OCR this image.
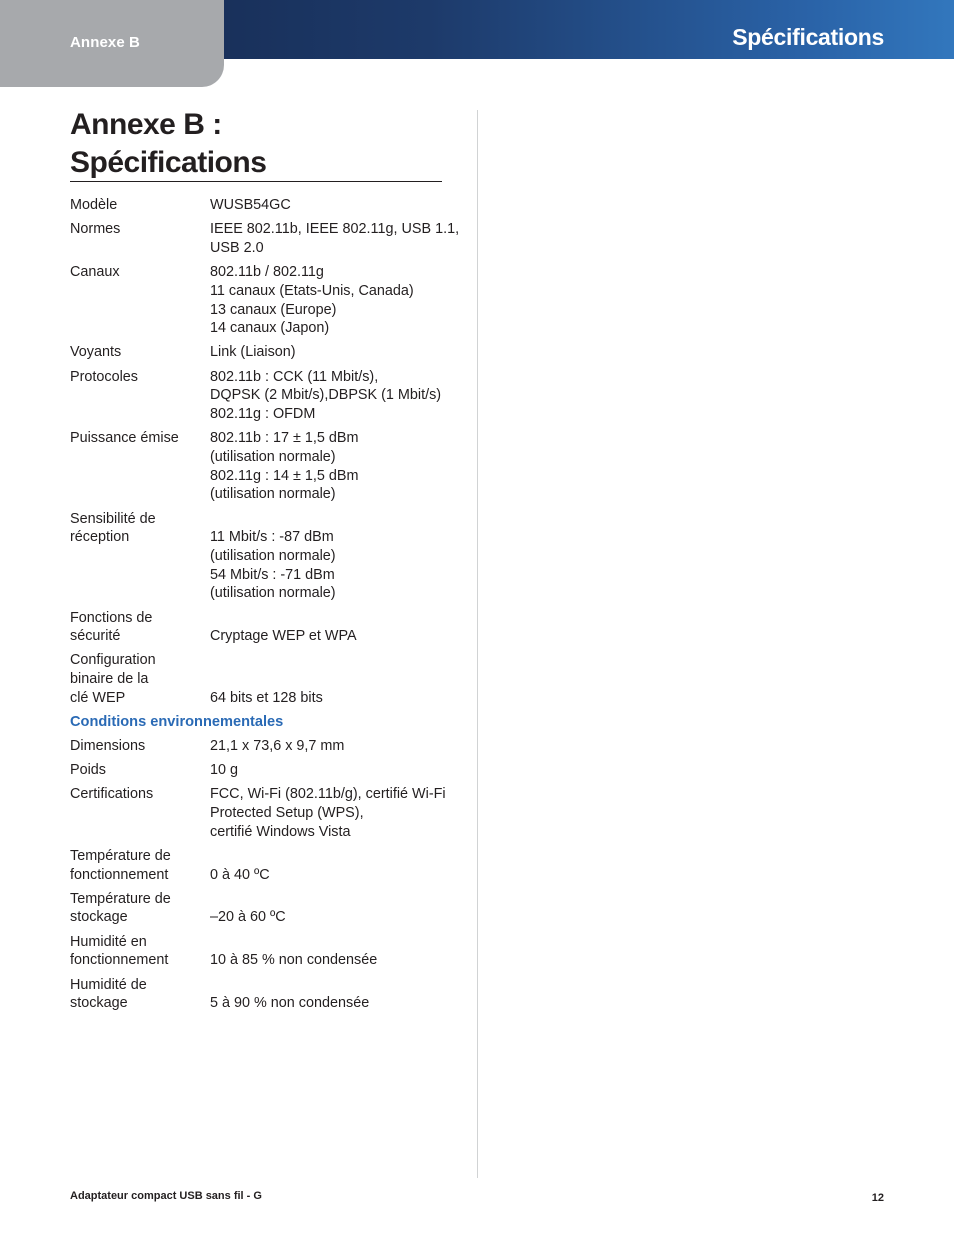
Annexe B	Spécifications
Annexe B :
Spécifications
Modèle	WUSB54GC
Normes	IEEE 802.11b, IEEE 802.11g, USB 1.1,
USB 2.0
Canaux	802.11b / 802.11g
11 canaux (Etats-Unis, Canada)
13 canaux (Europe)
14 canaux (Japon)
Voyants	Link (Liaison)
Protocoles	802.11b : CCK (11 Mbit/s),
DQPSK (2 Mbit/s),DBPSK (1 Mbit/s)
802.11g : OFDM
Puissance émise	802.11b : 17 ± 1,5 dBm
(utilisation normale)
802.11g : 14 ± 1,5 dBm
(utilisation normale)
Sensibilité de
réception
	11 Mbit/s : -87 dBm
(utilisation normale)
54 Mbit/s : -71 dBm
(utilisation normale)
Fonctions de
sécurité
	Cryptage WEP et WPA
Configuration
binaire de la
clé WEP

	64 bits et 128 bits
Conditions environnementales
Dimensions	21,1 x 73,6 x 9,7 mm
Poids	10 g
Certifications	FCC, Wi-Fi (802.11b/g), certifié Wi-Fi
Protected Setup (WPS),
certifié Windows Vista
Température de
fonctionnement
	0 à 40 ºC
Température de
stockage
	–20 à 60 ºC
Humidité en
fonctionnement
	10 à 85 % non condensée
Humidité de
stockage
	5 à 90 % non condensée
Adaptateur compact USB sans fil - G	12
